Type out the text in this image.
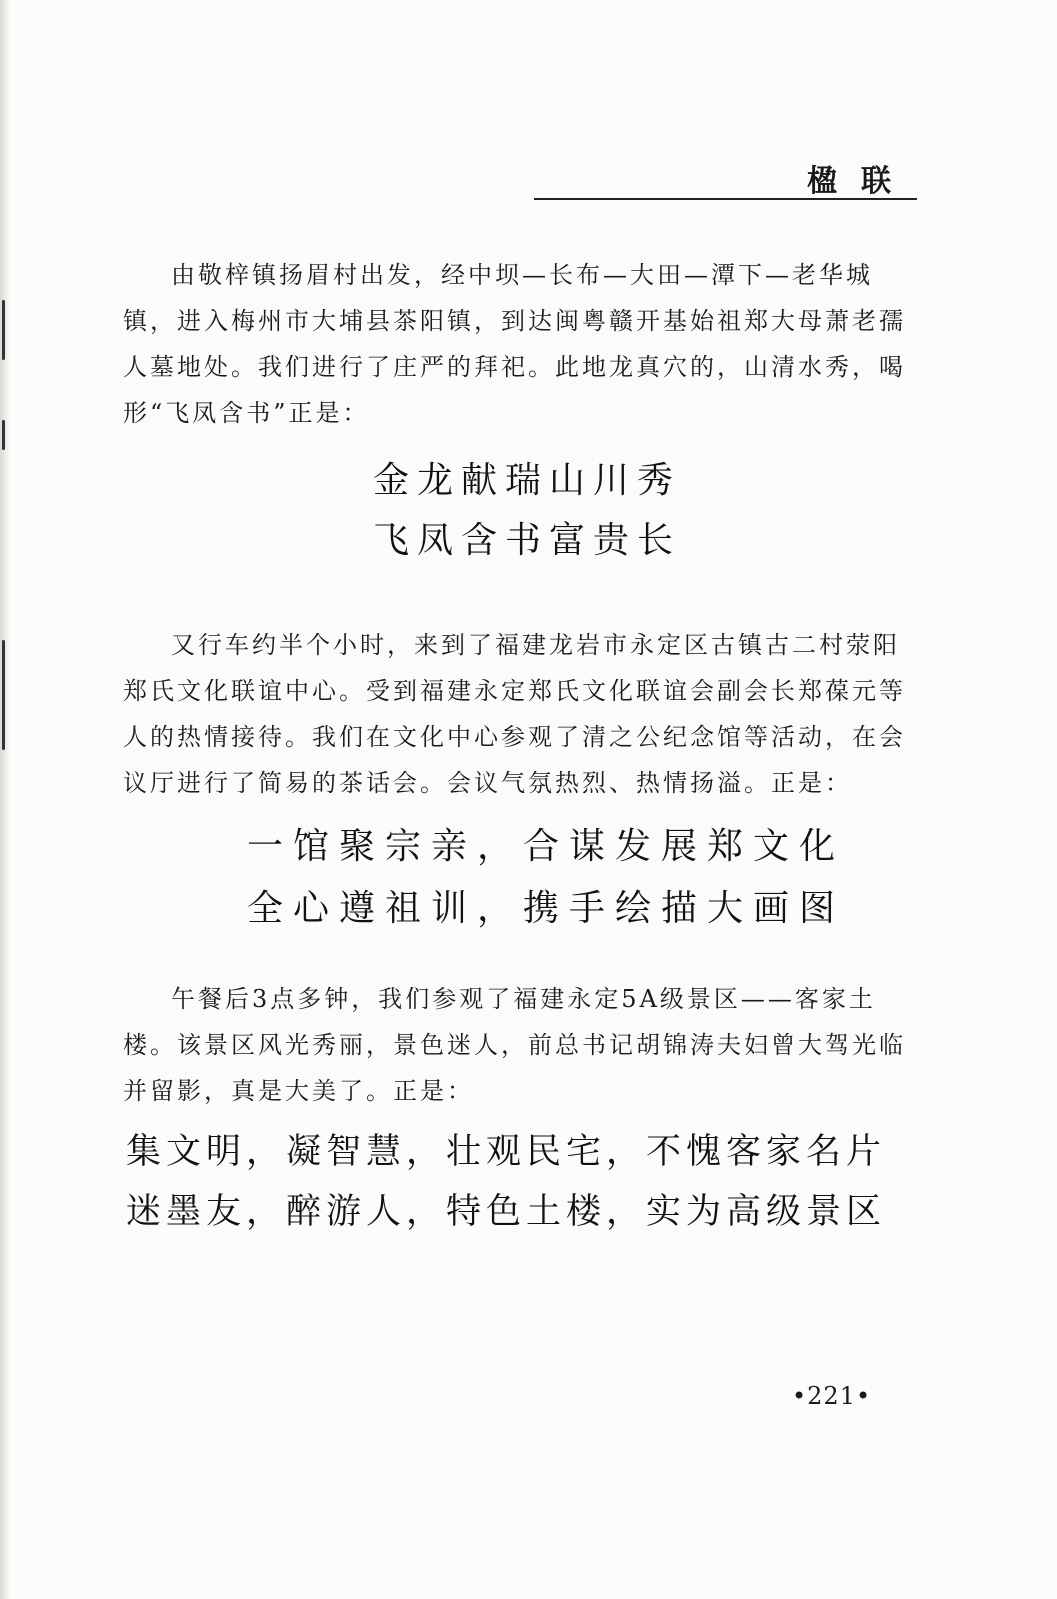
楹联

由敬梓镇扬眉村出发，经中坝—长布—大田—潭下—老华城镇，进入梅州市大埔县茶阳镇，到达闽粤赣开基始祖郑大母萧老孺人墓地处。我们进行了庄严的拜祀。此地龙真穴的，山清水秀，喝形“飞凤含书”正是：

金龙献瑞山川秀
飞凤含书富贵长

又行车约半个小时，来到了福建龙岩市永定区古镇古二村荥阳郑氏文化联谊中心。受到福建永定郑氏文化联谊会副会长郑葆元等人的热情接待。我们在文化中心参观了清之公纪念馆等活动，在会议厅进行了简易的茶话会。会议气氛热烈、热情扬溢。正是：

一馆聚宗亲，合谋发展郑文化
全心遵祖训，携手绘描大画图

午餐后3点多钟，我们参观了福建永定5A级景区——客家土楼。该景区风光秀丽，景色迷人，前总书记胡锦涛夫妇曾大驾光临并留影，真是大美了。正是：

集文明，凝智慧，壮观民宅，不愧客家名片
迷墨友，醉游人，特色土楼，实为高级景区
•221•
